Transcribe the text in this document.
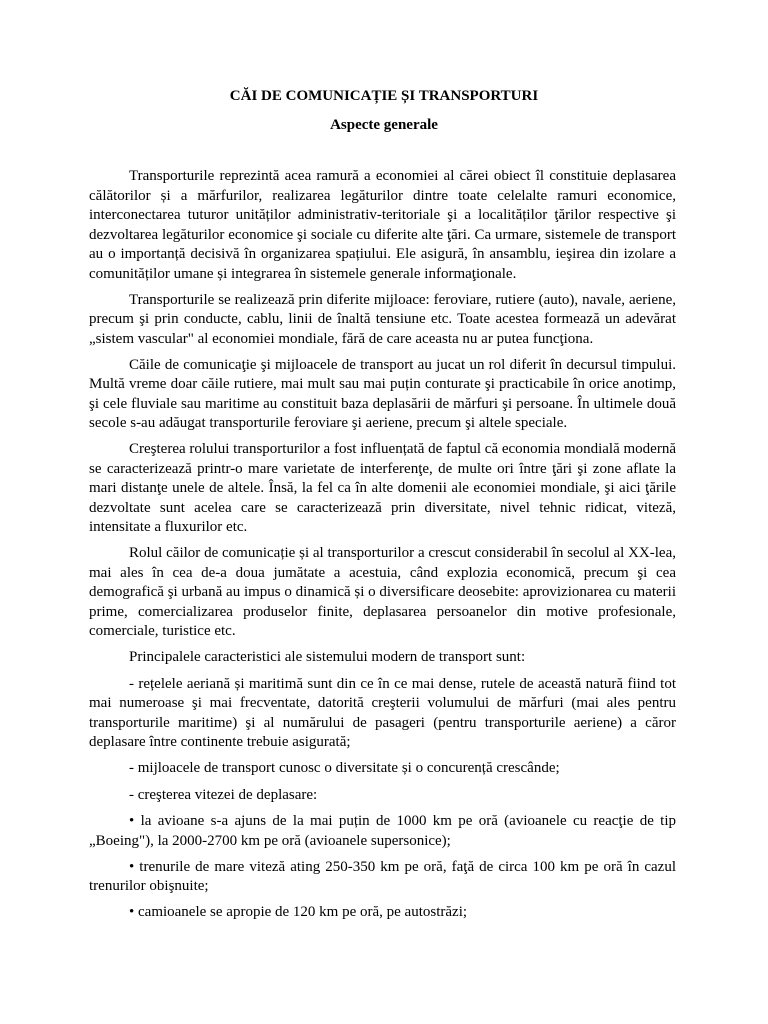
CĂI DE COMUNICAȚIE ȘI TRANSPORTURI
Aspecte generale

Transporturile reprezintă acea ramură a economiei al cărei obiect îl constituie deplasarea călătorilor și a mărfurilor, realizarea legăturilor dintre toate celelalte ramuri economice, interconectarea tuturor unităților administrativ-teritoriale şi a localităților ţărilor respective şi dezvoltarea legăturilor economice şi sociale cu diferite alte ţări. Ca urmare, sistemele de transport au o importanță decisivă în organizarea spațiului. Ele asigură, în ansamblu, ieşirea din izolare a comunităților umane și integrarea în sistemele generale informaţionale.

Transporturile se realizează prin diferite mijloace: feroviare, rutiere (auto), navale, aeriene, precum şi prin conducte, cablu, linii de înaltă tensiune etc. Toate acestea formează un adevărat „sistem vascular" al economiei mondiale, fără de care aceasta nu ar putea funcţiona.

Căile de comunicaţie şi mijloacele de transport au jucat un rol diferit în decursul timpului. Multă vreme doar căile rutiere, mai mult sau mai puțin conturate şi practicabile în orice anotimp, şi cele fluviale sau maritime au constituit baza deplasării de mărfuri şi persoane. În ultimele două secole s-au adăugat transporturile feroviare şi aeriene, precum şi altele speciale.

Creşterea rolului transporturilor a fost influențată de faptul că economia mondială modernă se caracterizează printr-o mare varietate de interferenţe, de multe ori între ţări şi zone aflate la mari distanţe unele de altele. Însă, la fel ca în alte domenii ale economiei mondiale, şi aici ţările dezvoltate sunt acelea care se caracterizează prin diversitate, nivel tehnic ridicat, viteză, intensitate a fluxurilor etc.

Rolul căilor de comunicație și al transporturilor a crescut considerabil în secolul al XX-lea, mai ales în cea de-a doua jumătate a acestuia, când explozia economică, precum şi cea demografică şi urbană au impus o dinamică și o diversificare deosebite: aprovizionarea cu materii prime, comercializarea produselor finite, deplasarea persoanelor din motive profesionale, comerciale, turistice etc.

Principalele caracteristici ale sistemului modern de transport sunt:

- rețelele aeriană și maritimă sunt din ce în ce mai dense, rutele de această natură fiind tot mai numeroase şi mai frecventate, datorită creşterii volumului de mărfuri (mai ales pentru transporturile maritime) şi al numărului de pasageri (pentru transporturile aeriene) a căror deplasare între continente trebuie asigurată;

- mijloacele de transport cunosc o diversitate și o concurență crescânde;

- creşterea vitezei de deplasare:

• la avioane s-a ajuns de la mai puțin de 1000 km pe oră (avioanele cu reacţie de tip „Boeing"), la 2000-2700 km pe oră (avioanele supersonice);

• trenurile de mare viteză ating 250-350 km pe oră, faţă de circa 100 km pe oră în cazul trenurilor obişnuite;

• camioanele se apropie de 120 km pe oră, pe autostrăzi;
